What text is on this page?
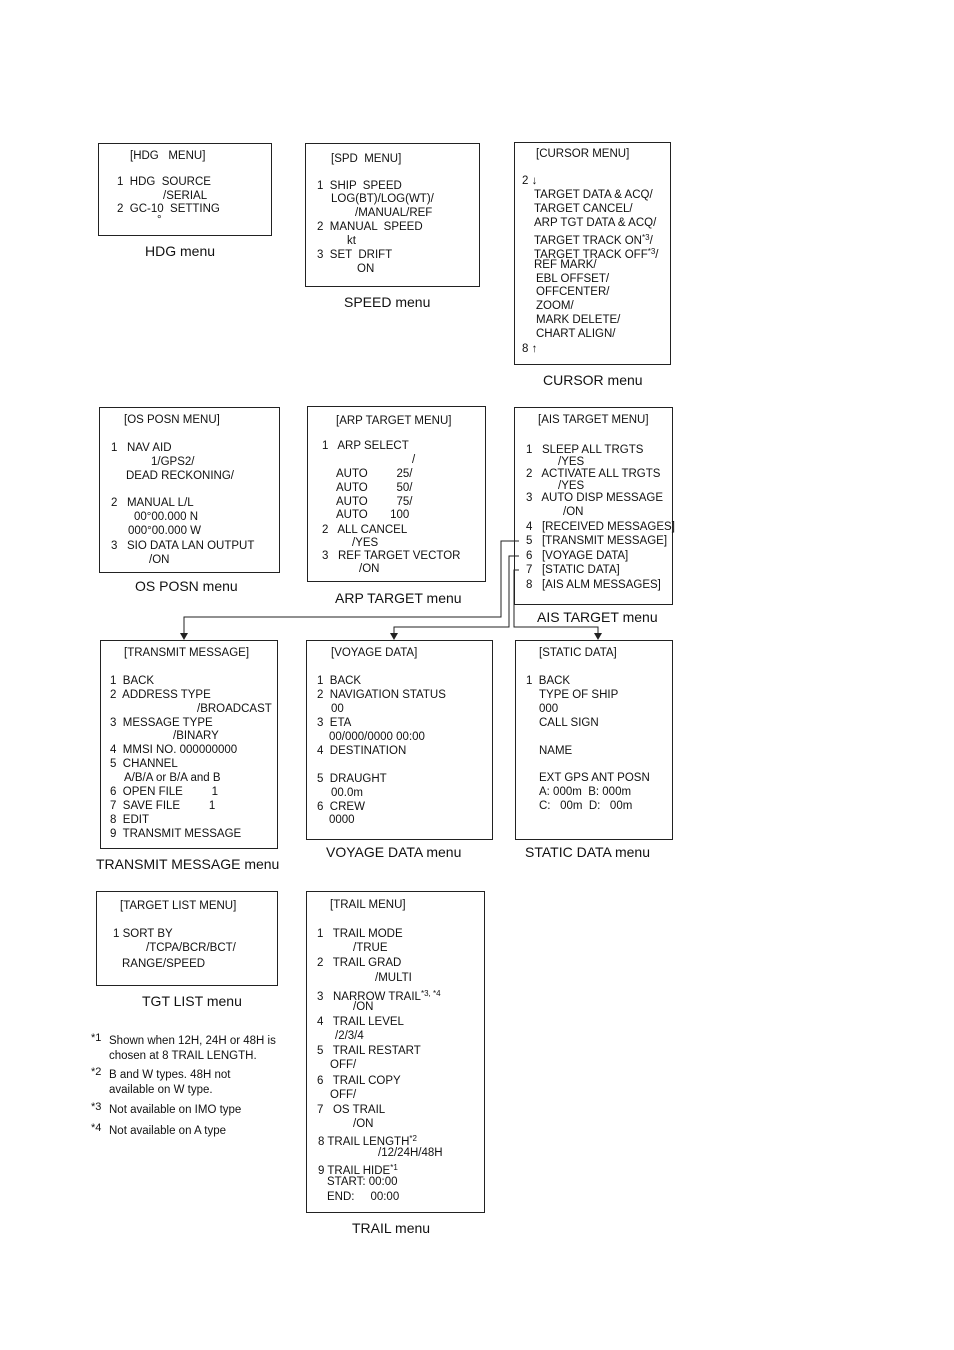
[HDG   MENU]
1  HDG  SOURCE
/SERIAL
2  GC-10  SETTING
°
HDG menu
[SPD  MENU]
1  SHIP  SPEED
LOG(BT)/LOG(WT)/
/MANUAL/REF
2  MANUAL  SPEED
kt
3  SET  DRIFT
ON
SPEED menu
[CURSOR MENU]
2 ↓
TARGET DATA & ACQ/
TARGET CANCEL/
ARP TGT DATA & ACQ/
TARGET TRACK ON$^{*3}$/
TARGET TRACK OFF$^{*3}$/
REF MARK/
EBL OFFSET/
OFFCENTER/
ZOOM/
MARK DELETE/
CHART ALIGN/
8 ↑
CURSOR menu
[OS POSN MENU]
1   NAV AID
1/GPS2/
DEAD RECKONING/
2   MANUAL L/L
00°00.000 N
000°00.000 W
3   SIO DATA LAN OUTPUT
/ON
OS POSN menu
[ARP TARGET MENU]
1   ARP SELECT
/
AUTO         25/
AUTO         50/
AUTO         75/
AUTO       100
2   ALL CANCEL
/YES
3   REF TARGET VECTOR
/ON
ARP TARGET menu
[AIS TARGET MENU]
1   SLEEP ALL TRGTS
/YES
2   ACTIVATE ALL TRGTS
/YES
3   AUTO DISP MESSAGE
/ON
4   [RECEIVED MESSAGES]
5   [TRANSMIT MESSAGE]
6   [VOYAGE DATA]
7   [STATIC DATA]
8   [AIS ALM MESSAGES]
AIS TARGET menu
[TRANSMIT MESSAGE]
1  BACK
2  ADDRESS TYPE
/BROADCAST
3  MESSAGE TYPE
/BINARY
4  MMSI NO. 000000000
5  CHANNEL
A/B/A or B/A and B
6  OPEN FILE         1
7  SAVE FILE         1
8  EDIT
9  TRANSMIT MESSAGE
TRANSMIT MESSAGE menu
[VOYAGE DATA]
1  BACK
2  NAVIGATION STATUS
00
3  ETA
00/000/0000 00:00
4  DESTINATION
5  DRAUGHT
00.0m
6  CREW
0000
VOYAGE DATA menu
[STATIC DATA]
1  BACK
TYPE OF SHIP
000
CALL SIGN
NAME
EXT GPS ANT POSN
A: 000m  B: 000m
C:   00m  D:   00m
STATIC DATA menu
[TARGET LIST MENU]
1 SORT BY
/TCPA/BCR/BCT/
RANGE/SPEED
TGT LIST menu
[TRAIL MENU]
1   TRAIL MODE
/TRUE
2   TRAIL GRAD
/MULTI
3   NARROW $TRAIL^{*3, *4}$
/ON
4   TRAIL LEVEL
/2/3/4
5   TRAIL RESTART
OFF/
6   TRAIL COPY
OFF/
7   OS TRAIL
/ON
8 TRAIL LENGTH$^{*2}$
/12/24H/48H
9 TRAIL HIDE$^{*1}$
START: 00:00
END:     00:00
TRAIL menu
*1 Shown when 12H, 24H or 48H is chosen at 8 TRAIL LENGTH.
*2 B and W types. 48H not available on W type.
*3 Not available on IMO type
*4 Not available on A type
